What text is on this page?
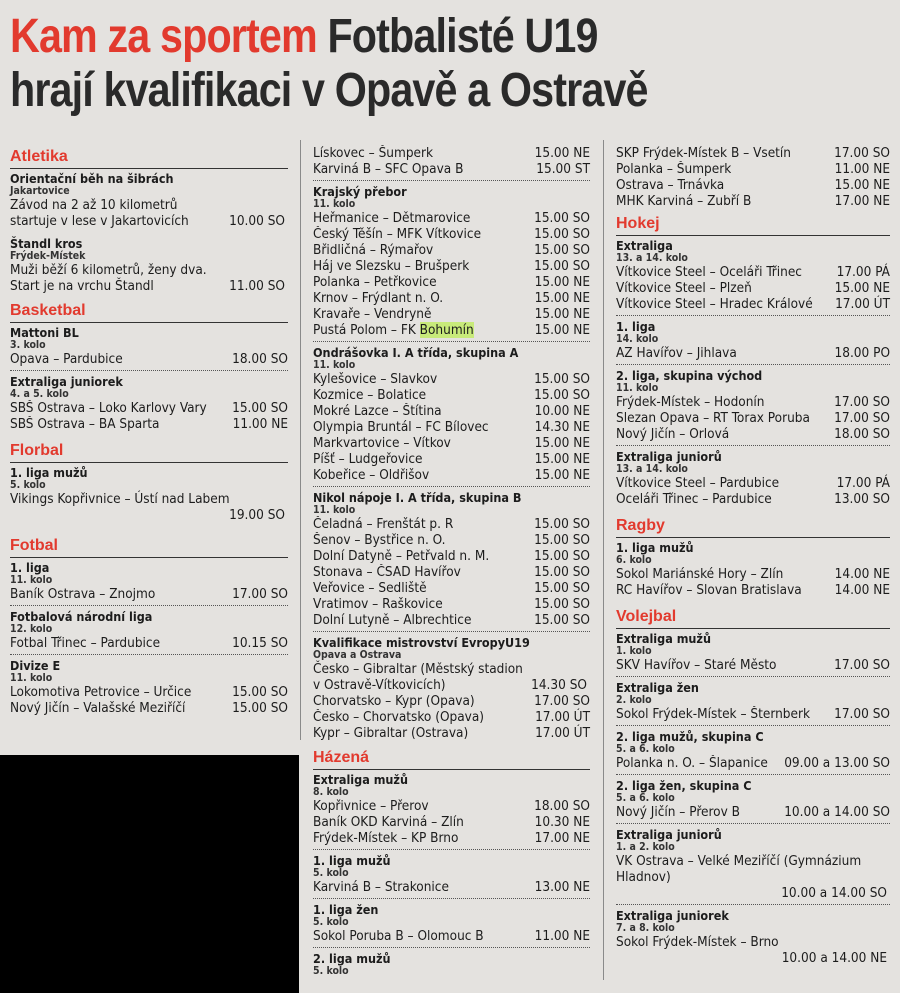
Kam za sportem Fotbalisté U19
hrají kvalifikaci v Opavě a Ostravě
Atletika
Orientační běh na šibrách
Jakartovice
Závod na 2 až 10 kilometrů startuje v lese v Jakartovicích	10.00 SO
Štandl kros
Frýdek-Místek
Muži běží 6 kilometrů, ženy dva. Start je na vrchu Štandl	11.00 SO
Basketbal
Mattoni BL
3. kolo
Opava – Pardubice	18.00 SO
Extraliga juniorek
4. a 5. kolo
SBŠ Ostrava – Loko Karlovy Vary 15.00 SO
SBŠ Ostrava – BA Sparta	11.00 NE
Florbal
1. liga mužů
5. kolo
Vikings Kopřivnice – Ústí nad Labem
19.00 SO
Fotbal
1. liga
11. kolo
Baník Ostrava – Znojmo	17.00 SO
Fotbalová národní liga
12. kolo
Fotbal Třinec – Pardubice	10.15 SO
Divize E
11. kolo
Lokomotiva Petrovice – Určice	15.00 SO
Nový Jičín – Valašské Meziříčí	15.00 SO
Lískovec – Šumperk	15.00 NE
Karviná B – SFC Opava B	15.00 ST
Krajský přebor
11. kolo
Heřmanice – Dětmarovice	15.00 SO
Český Těšín – MFK Vítkovice	15.00 SO
Břidličná – Rýmařov	15.00 SO
Háj ve Slezsku – Brušperk	15.00 SO
Polanka – Petřkovice	15.00 NE
Krnov – Frýdlant n. O.	15.00 NE
Kravaře – Vendryně	15.00 NE
Pustá Polom – FK Bohumín	15.00 NE
Ondrášovka I. A třída, skupina A
11. kolo
Kylešovice – Slavkov	15.00 SO
Kozmice – Bolatice	15.00 SO
Mokré Lazce – Štítina	10.00 NE
Olympia Bruntál – FC Bílovec	14.30 NE
Markvartovice – Vítkov	15.00 NE
Píšť – Ludgeřovice	15.00 NE
Kobeřice – Oldřišov	15.00 NE
Nikol nápoje I. A třída, skupina B
11. kolo
Čeladná – Frenštát p. R	15.00 SO
Šenov – Bystřice n. O.	15.00 SO
Dolní Datyně – Petřvald n. M.	15.00 SO
Stonava – ČSAD Havířov	15.00 SO
Veřovice – Sedliště	15.00 SO
Vratimov – Raškovice	15.00 SO
Dolní Lutyně – Albrechtice	15.00 SO
Kvalifikace mistrovství EvropyU19
Opava a Ostrava
Česko – Gibraltar (Městský stadion v Ostravě-Vítkovicích)	14.30 SO
Chorvatsko – Kypr (Opava)	17.00 SO
Česko – Chorvatsko (Opava)	17.00 ÚT
Kypr – Gibraltar (Ostrava)	17.00 ÚT
Házená
Extraliga mužů
8. kolo
Kopřivnice – Přerov	18.00 SO
Baník OKD Karviná – Zlín	10.30 NE
Frýdek-Místek – KP Brno	17.00 NE
1. liga mužů
5. kolo
Karviná B – Strakonice	13.00 NE
1. liga žen
5. kolo
Sokol Poruba B – Olomouc B	11.00 NE
2. liga mužů
5. kolo
SKP Frýdek-Místek B – Vsetín	17.00 SO
Polanka – Šumperk	11.00 NE
Ostrava – Trnávka	15.00 NE
MHK Karviná – Zubří B	17.00 NE
Hokej
Extraliga
13. a 14. kolo
Vítkovice Steel – Oceláři Třinec	17.00 PÁ
Vítkovice Steel – Plzeň	15.00 NE
Vítkovice Steel – Hradec Králové 17.00 ÚT
1. liga
14. kolo
AZ Havířov – Jihlava	18.00 PO
2. liga, skupina východ
11. kolo
Frýdek-Místek – Hodonín	17.00 SO
Slezan Opava – RT Torax Poruba 17.00 SO
Nový Jičín – Orlová	18.00 SO
Extraliga juniorů
13. a 14. kolo
Vítkovice Steel – Pardubice	17.00 PÁ
Oceláři Třinec – Pardubice	13.00 SO
Ragby
1. liga mužů
6. kolo
Sokol Mariánské Hory – Zlín	14.00 NE
RC Havířov – Slovan Bratislava 14.00 NE
Volejbal
Extraliga mužů
1. kolo
SKV Havířov – Staré Město	17.00 SO
Extraliga žen
2. kolo
Sokol Frýdek-Místek – Šternberk 17.00 SO
2. liga mužů, skupina C
5. a 6. kolo
Polanka n. O. – Šlapanice 09.00 a 13.00 SO
2. liga žen, skupina C
5. a 6. kolo
Nový Jičín – Přerov B	10.00 a 14.00 SO
Extraliga juniorů
1. a 2. kolo
VK Ostrava – Velké Meziříčí (Gymnázium Hladnov)
10.00 a 14.00 SO
Extraliga juniorek
7. a 8. kolo
Sokol Frýdek-Místek – Brno
10.00 a 14.00 NE
